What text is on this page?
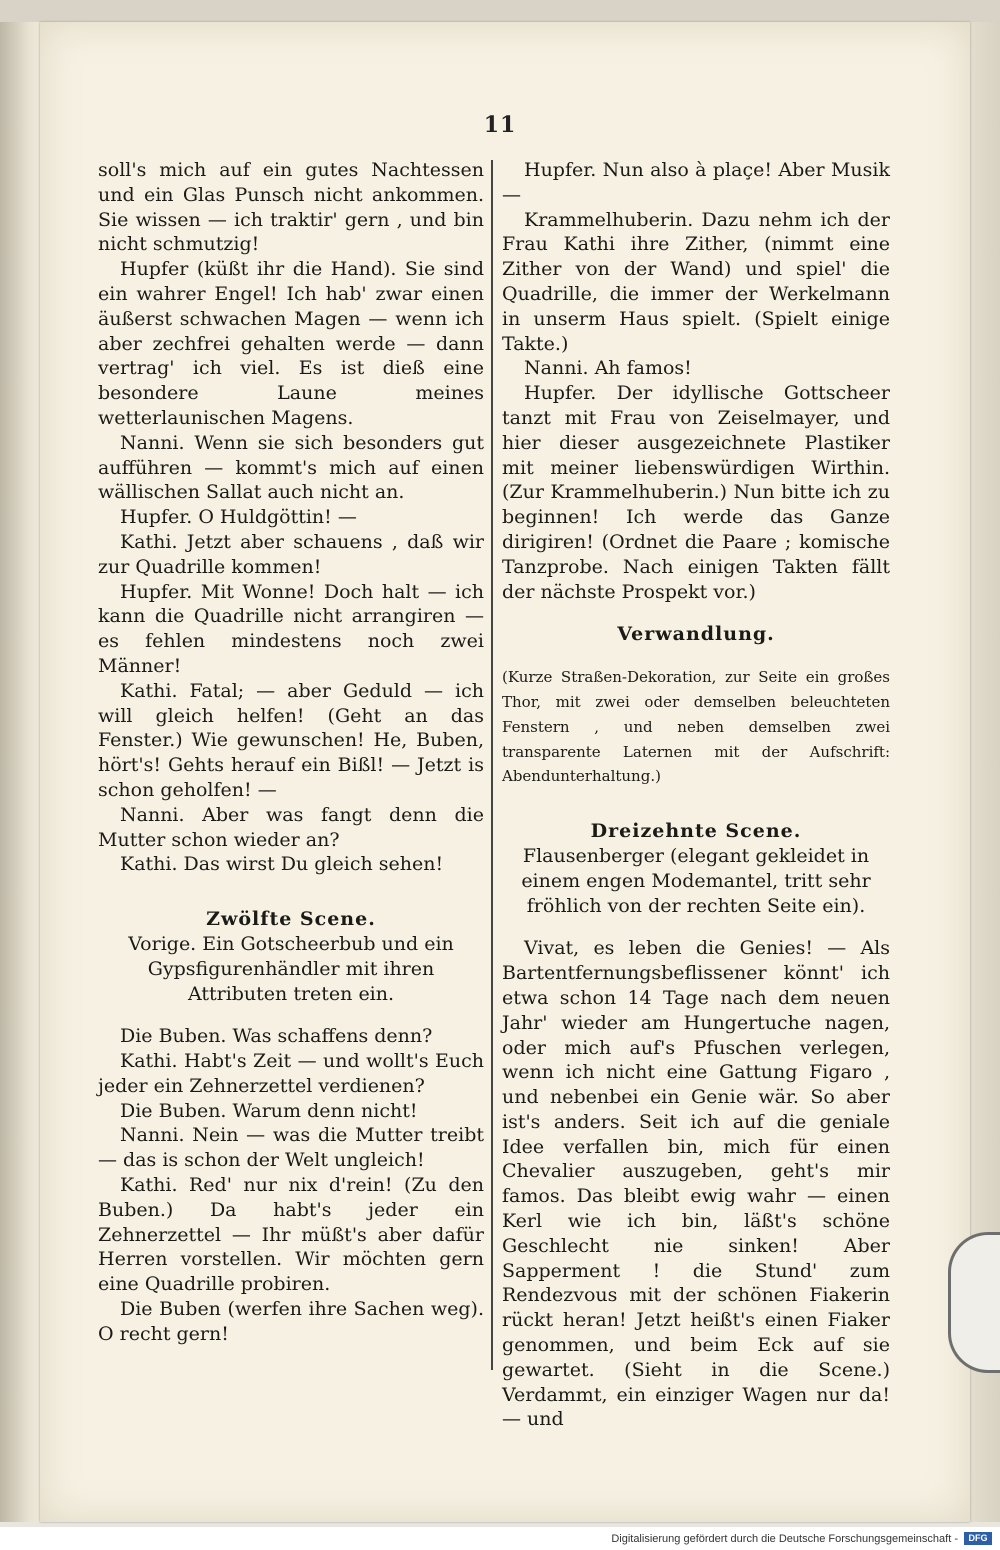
11

soll's mich auf ein gutes Nachtessen und ein Glas Punsch nicht ankommen. Sie wissen — ich traktir' gern , und bin nicht schmutzig!

Hupfer (küßt ihr die Hand). Sie sind ein wahrer Engel! Ich hab' zwar einen äußerst schwachen Magen — wenn ich aber zechfrei gehalten werde — dann vertrag' ich viel. Es ist dieß eine besondere Laune meines wetterlaunischen Magens.

Nanni. Wenn sie sich besonders gut aufführen — kommt's mich auf einen wällischen Sallat auch nicht an.

Hupfer. O Huldgöttin! —

Kathi. Jetzt aber schauens , daß wir zur Quadrille kommen!

Hupfer. Mit Wonne! Doch halt — ich kann die Quadrille nicht arrangiren — es fehlen mindestens noch zwei Männer!

Kathi. Fatal; — aber Geduld — ich will gleich helfen! (Geht an das Fenster.) Wie gewunschen! He, Buben, hört's! Gehts herauf ein Bißl! — Jetzt is schon geholfen! —

Nanni. Aber was fangt denn die Mutter schon wieder an?

Kathi. Das wirst Du gleich sehen!

Zwölfte Scene.

Vorige. Ein Gotscheerbub und ein Gypsfigurenhändler mit ihren Attributen treten ein.

Die Buben. Was schaffens denn?

Kathi. Habt's Zeit — und wollt's Euch jeder ein Zehnerzettel verdienen?

Die Buben. Warum denn nicht!

Nanni. Nein — was die Mutter treibt — das is schon der Welt ungleich!

Kathi. Red' nur nix d'rein! (Zu den Buben.) Da habt's jeder ein Zehnerzettel — Ihr müßt's aber dafür Herren vorstellen. Wir möchten gern eine Quadrille probiren.

Die Buben (werfen ihre Sachen weg). O recht gern!

Hupfer. Nun also à plaçe! Aber Musik —

Krammelhuberin. Dazu nehm ich der Frau Kathi ihre Zither, (nimmt eine Zither von der Wand) und spiel' die Quadrille, die immer der Werkelmann in unserm Haus spielt. (Spielt einige Takte.)

Nanni. Ah famos!

Hupfer. Der idyllische Gottscheer tanzt mit Frau von Zeiselmayer, und hier dieser ausgezeichnete Plastiker mit meiner liebenswürdigen Wirthin. (Zur Krammelhuberin.) Nun bitte ich zu beginnen! Ich werde das Ganze dirigiren! (Ordnet die Paare ; komische Tanzprobe. Nach einigen Takten fällt der nächste Prospekt vor.)

Verwandlung.

(Kurze Straßen-Dekoration, zur Seite ein großes Thor, mit zwei oder demselben beleuchteten Fenstern , und neben demselben zwei transparente Laternen mit der Aufschrift: Abendunterhaltung.)

Dreizehnte Scene.

Flausenberger (elegant gekleidet in einem engen Modemantel, tritt sehr fröhlich von der rechten Seite ein).

Vivat, es leben die Genies! — Als Bartentfernungsbeflissener könnt' ich etwa schon 14 Tage nach dem neuen Jahr' wieder am Hungertuche nagen, oder mich auf's Pfuschen verlegen, wenn ich nicht eine Gattung Figaro , und nebenbei ein Genie wär. So aber ist's anders. Seit ich auf die geniale Idee verfallen bin, mich für einen Chevalier auszugeben, geht's mir famos. Das bleibt ewig wahr — einen Kerl wie ich bin, läßt's schöne Geschlecht nie sinken! Aber Sapperment ! die Stund' zum Rendezvous mit der schönen Fiakerin rückt heran! Jetzt heißt's einen Fiaker genommen, und beim Eck auf sie gewartet. (Sieht in die Scene.) Verdammt, ein einziger Wagen nur da! — und

Digitalisierung gefördert durch die Deutsche Forschungsgemeinschaft -	DFG
